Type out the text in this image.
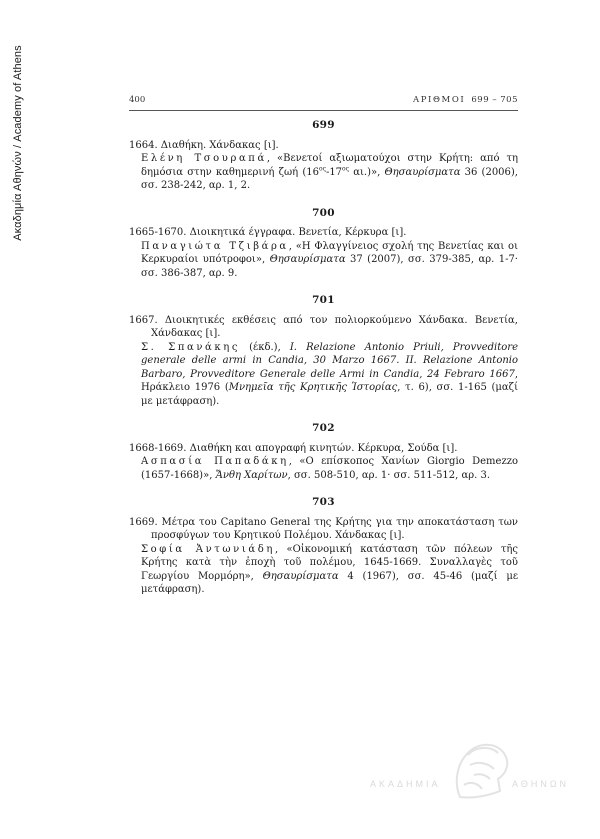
Ακαδημία Αθηνών / Academy of Athens	400	ΑΡΙΘΜΟΙ 699 – 705
699

1664. Διαθήκη. Χάνδακας [ι].

Ελένη Τσουραπά, «Βενετοί αξιωματούχοι στην Κρήτη: από τη δημόσια στην καθημερινή ζωή ($16^{o\varsigma}-17^{o\varsigma}$ αι.)», Θησαυρίσματα 36 (2006), σσ. 238-242, αρ. 1, 2.

700

1665-1670. Διοικητικά έγγραφα. Βενετία, Κέρκυρα [ι].

Παναγιώτα Τζιβάρα, «Η Φλαγγίνειος σχολή της Βενετίας και οι Κερκυραίοι υπότροφοι», Θησαυρίσματα 37 (2007), σσ. 379-385, αρ. 1-7· σσ. 386-387, αρ. 9.

701

1667. Διοικητικές εκθέσεις από τον πολιορκούμενο Χάνδακα. Βενετία, Χάνδακας [ι].

Σ. Σπανάκης (έκδ.), I. Relazione Antonio Priuli, Provveditore generale delle armi in Candia, 30 Marzo 1667. II. Relazione Antonio Barbaro, Provveditore Generale delle Armi in Candia, 24 Febraro 1667, Ηράκλειο 1976 (Μνημεῖα τῆς Κρητικῆς Ἱστορίας, τ. 6), σσ. 1-165 (μαζί με μετάφραση).

702

1668-1669. Διαθήκη και απογραφή κινητών. Κέρκυρα, Σούδα [ι].

Ασπασία Παπαδάκη, «Ο επίσκοπος Χανίων Giorgio Demezzo (1657-1668)», Ἄνθη Χαρίτων, σσ. 508-510, αρ. 1· σσ. 511-512, αρ. 3.

703

1669. Μέτρα του Capitano General της Κρήτης για την αποκατάσταση των προσφύγων του Κρητικού Πολέμου. Χάνδακας [ι].

Σοφία Ἀντωνιάδη, «Οἰκονομική κατάσταση τῶν πόλεων τῆς Κρήτης κατὰ τὴν ἐποχὴ τοῦ πολέμου, 1645-1669. Συναλλαγὲς τοῦ Γεωργίου Μορμόρη», Θησαυρίσματα 4 (1967), σσ. 45-46 (μαζί με μετάφραση).

ΑΚΑΔΗΜΙΑ	ΑΘΗΝΩΝ
